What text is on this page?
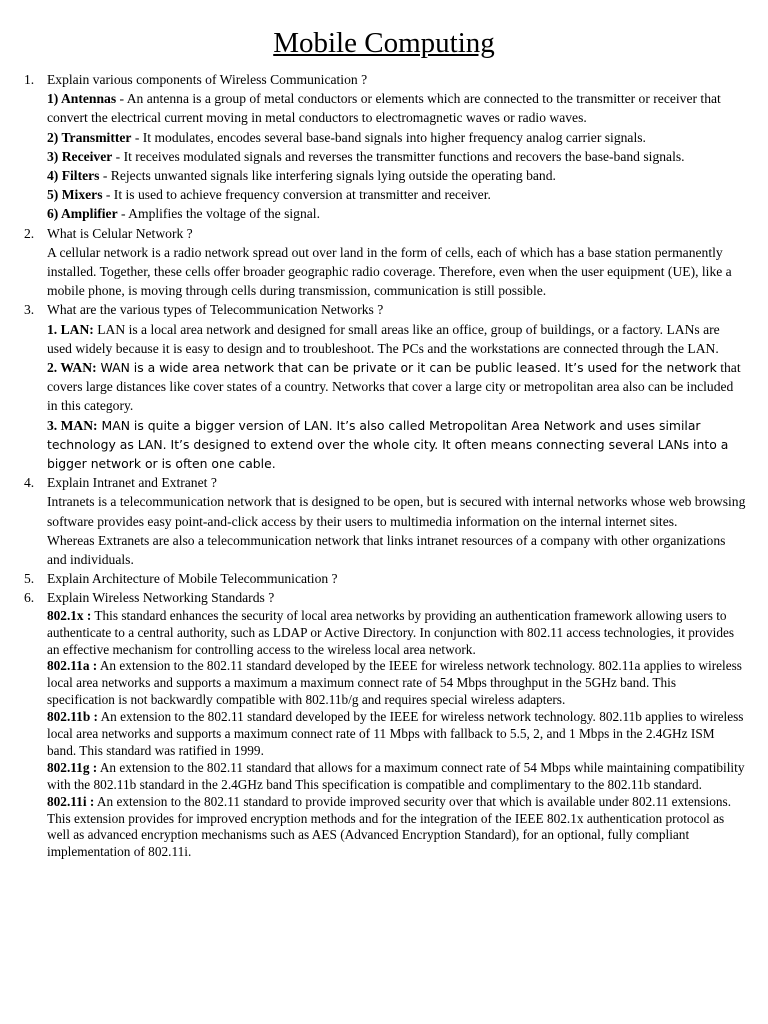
Mobile Computing
1. Explain various components of Wireless Communication ?
1) Antennas - An antenna is a group of metal conductors or elements which are connected to the transmitter or receiver that convert the electrical current moving in metal conductors to electromagnetic waves or radio waves.
2) Transmitter - It modulates, encodes several base-band signals into higher frequency analog carrier signals.
3) Receiver - It receives modulated signals and reverses the transmitter functions and recovers the base-band signals.
4) Filters - Rejects unwanted signals like interfering signals lying outside the operating band.
5) Mixers - It is used to achieve frequency conversion at transmitter and receiver.
6) Amplifier - Amplifies the voltage of the signal.
2. What is Celular Network ?
A cellular network is a radio network spread out over land in the form of cells, each of which has a base station permanently installed. Together, these cells offer broader geographic radio coverage. Therefore, even when the user equipment (UE), like a mobile phone, is moving through cells during transmission, communication is still possible.
3. What are the various types of Telecommunication Networks ?
1. LAN: LAN is a local area network and designed for small areas like an office, group of buildings, or a factory. LANs are used widely because it is easy to design and to troubleshoot. The PCs and the workstations are connected through the LAN.
2. WAN: WAN is a wide area network that can be private or it can be public leased. It’s used for the network that covers large distances like cover states of a country. Networks that cover a large city or metropolitan area also can be included in this category.
3. MAN: MAN is quite a bigger version of LAN. It’s also called Metropolitan Area Network and uses similar technology as LAN. It’s designed to extend over the whole city. It often means connecting several LANs into a bigger network or is often one cable.
4. Explain Intranet and Extranet ?
Intranets is a telecommunication network that is designed to be open, but is secured with internal networks whose web browsing software provides easy point-and-click access by their users to multimedia information on the internal internet sites.
Whereas Extranets are also a telecommunication network that links intranet resources of a company with other organizations and individuals.
5. Explain Architecture of Mobile Telecommunication ?
6. Explain Wireless Networking Standards ?
802.1x : This standard enhances the security of local area networks by providing an authentication framework allowing users to authenticate to a central authority, such as LDAP or Active Directory. In conjunction with 802.11 access technologies, it provides an effective mechanism for controlling access to the wireless local area network.
802.11a : An extension to the 802.11 standard developed by the IEEE for wireless network technology. 802.11a applies to wireless local area networks and supports a maximum a maximum connect rate of 54 Mbps throughput in the 5GHz band. This specification is not backwardly compatible with 802.11b/g and requires special wireless adapters.
802.11b : An extension to the 802.11 standard developed by the IEEE for wireless network technology. 802.11b applies to wireless local area networks and supports a maximum connect rate of 11 Mbps with fallback to 5.5, 2, and 1 Mbps in the 2.4GHz ISM band. This standard was ratified in 1999.
802.11g : An extension to the 802.11 standard that allows for a maximum connect rate of 54 Mbps while maintaining compatibility with the 802.11b standard in the 2.4GHz band This specification is compatible and complimentary to the 802.11b standard.
802.11i : An extension to the 802.11 standard to provide improved security over that which is available under 802.11 extensions. This extension provides for improved encryption methods and for the integration of the IEEE 802.1x authentication protocol as well as advanced encryption mechanisms such as AES (Advanced Encryption Standard), for an optional, fully compliant implementation of 802.11i.
